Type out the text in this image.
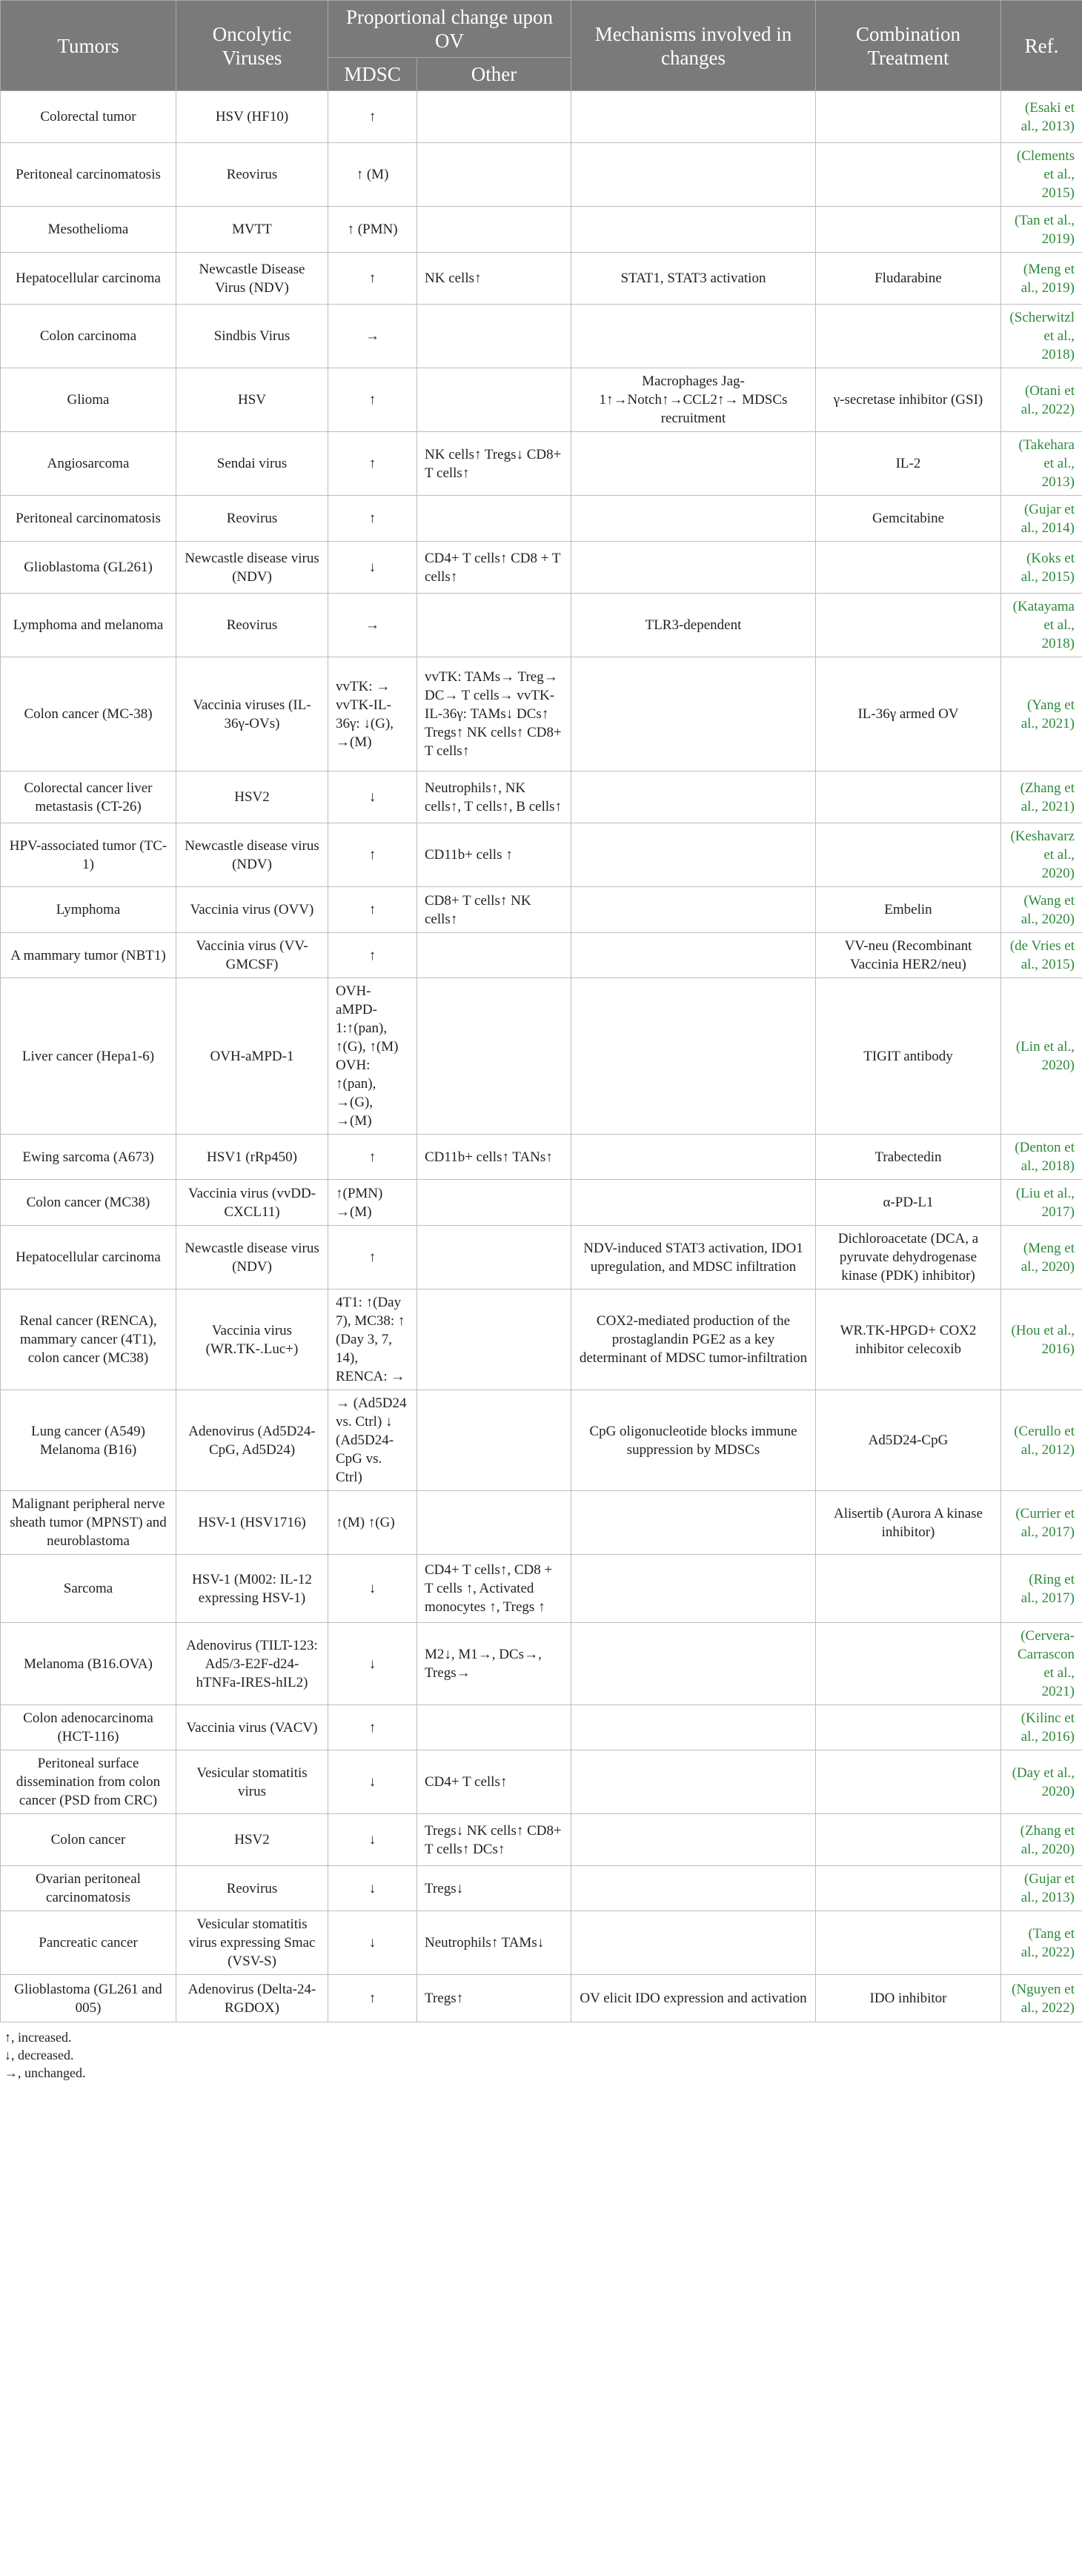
Tumors	Oncolytic Viruses	Proportional change upon OV		Mechanisms involved in changes	Combination Treatment	Ref.
		MDSC	Other			
Colorectal tumor	HSV (HF10)	↑				(Esaki et al., 2013)
Peritoneal carcinomatosis	Reovirus	↑ (M)				(Clements et al., 2015)
Mesothelioma	MVTT	↑ (PMN)				(Tan et al., 2019)
Hepatocellular carcinoma	Newcastle Disease Virus (NDV)	↑	NK cells↑	STAT1, STAT3 activation	Fludarabine	(Meng et al., 2019)
Colon carcinoma	Sindbis Virus	→				(Scherwitzl et al., 2018)
Glioma	HSV	↑		Macrophages Jag-1↑→Notch↑→CCL2↑→ MDSCs recruitment	γ-secretase inhibitor (GSI)	(Otani et al., 2022)
Angiosarcoma	Sendai virus	↑	NK cells↑ Tregs↓ CD8+ T cells↑		IL-2	(Takehara et al., 2013)
Peritoneal carcinomatosis	Reovirus	↑			Gemcitabine	(Gujar et al., 2014)
Glioblastoma (GL261)	Newcastle disease virus (NDV)	↓	CD4+ T cells↑ CD8 + T cells↑			(Koks et al., 2015)
Lymphoma and melanoma	Reovirus	→		TLR3-dependent		(Katayama et al., 2018)
Colon cancer (MC-38)	Vaccinia viruses (IL-36γ-OVs)	vvTK: → vvTK-IL-36γ: ↓(G), →(M)	vvTK: TAMs→ Treg→ DC→ T cells→ vvTK-IL-36γ: TAMs↓ DCs↑ Tregs↑ NK cells↑ CD8+ T cells↑		IL-36γ armed OV	(Yang et al., 2021)
Colorectal cancer liver metastasis (CT-26)	HSV2	↓	Neutrophils↑, NK cells↑, T cells↑, B cells↑			(Zhang et al., 2021)
HPV-associated tumor (TC-1)	Newcastle disease virus (NDV)	↑	CD11b+ cells ↑			(Keshavarz et al., 2020)
Lymphoma	Vaccinia virus (OVV)	↑	CD8+ T cells↑ NK cells↑		Embelin	(Wang et al., 2020)
A mammary tumor (NBT1)	Vaccinia virus (VV-GMCSF)	↑			VV-neu (Recombinant Vaccinia HER2/neu)	(de Vries et al., 2015)
Liver cancer (Hepa1-6)	OVH-aMPD-1	OVH-aMPD-1:↑(pan), ↑(G), ↑(M) OVH: ↑(pan), →(G), →(M)			TIGIT antibody	(Lin et al., 2020)
Ewing sarcoma (A673)	HSV1 (rRp450)	↑	CD11b+ cells↑ TANs↑		Trabectedin	(Denton et al., 2018)
Colon cancer (MC38)	Vaccinia virus (vvDD-CXCL11)	↑(PMN) →(M)			α-PD-L1	(Liu et al., 2017)
Hepatocellular carcinoma	Newcastle disease virus (NDV)	↑		NDV-induced STAT3 activation, IDO1 upregulation, and MDSC infiltration	Dichloroacetate (DCA, a pyruvate dehydrogenase kinase (PDK) inhibitor)	(Meng et al., 2020)
Renal cancer (RENCA), mammary cancer (4T1), colon cancer (MC38)	Vaccinia virus (WR.TK-.Luc+)	4T1: ↑(Day 7), MC38: ↑ (Day 3, 7, 14), RENCA: →		COX2-mediated production of the prostaglandin PGE2 as a key determinant of MDSC tumor-infiltration	WR.TK-HPGD+ COX2 inhibitor celecoxib	(Hou et al., 2016)
Lung cancer (A549) Melanoma (B16)	Adenovirus (Ad5D24-CpG, Ad5D24)	→ (Ad5D24 vs. Ctrl) ↓ (Ad5D24-CpG vs. Ctrl)		CpG oligonucleotide blocks immune suppression by MDSCs	Ad5D24-CpG	(Cerullo et al., 2012)
Malignant peripheral nerve sheath tumor (MPNST) and neuroblastoma	HSV-1 (HSV1716)	↑(M) ↑(G)			Alisertib (Aurora A kinase inhibitor)	(Currier et al., 2017)
Sarcoma	HSV-1 (M002: IL-12 expressing HSV-1)	↓	CD4+ T cells↑, CD8 + T cells ↑, Activated monocytes ↑, Tregs ↑			(Ring et al., 2017)
Melanoma (B16.OVA)	Adenovirus (TILT-123: Ad5/3-E2F-d24-hTNFa-IRES-hIL2)	↓	M2↓, M1→, DCs→, Tregs→			(Cervera-Carrascon et al., 2021)
Colon adenocarcinoma (HCT-116)	Vaccinia virus (VACV)	↑				(Kilinc et al., 2016)
Peritoneal surface dissemination from colon cancer (PSD from CRC)	Vesicular stomatitis virus	↓	CD4+ T cells↑			(Day et al., 2020)
Colon cancer	HSV2	↓	Tregs↓ NK cells↑ CD8+ T cells↑ DCs↑			(Zhang et al., 2020)
Ovarian peritoneal carcinomatosis	Reovirus	↓	Tregs↓			(Gujar et al., 2013)
Pancreatic cancer	Vesicular stomatitis virus expressing Smac (VSV-S)	↓	Neutrophils↑ TAMs↓			(Tang et al., 2022)
Glioblastoma (GL261 and 005)	Adenovirus (Delta-24-RGDOX)	↑	Tregs↑	OV elicit IDO expression and activation	IDO inhibitor	(Nguyen et al., 2022)
↑, increased.
↓, decreased.
→, unchanged.
